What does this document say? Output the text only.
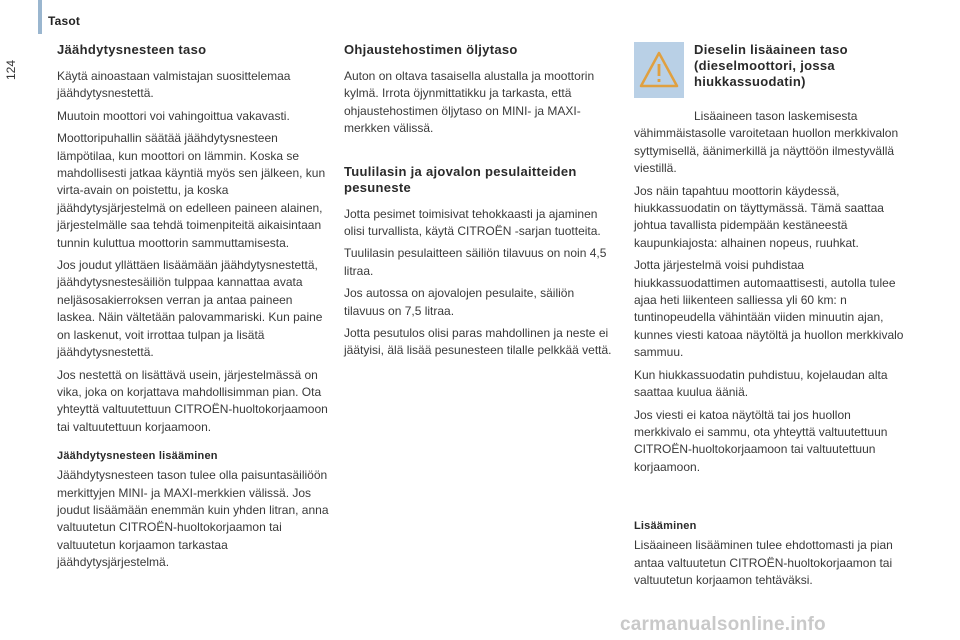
Tasot
124
Jäähdytysnesteen taso

Käytä ainoastaan valmistajan suosittelemaa jäähdytysnestettä.

Muutoin moottori voi vahingoittua vakavasti.

Moottoripuhallin säätää jäähdytysnesteen lämpötilaa, kun moottori on lämmin. Koska se mahdollisesti jatkaa käyntiä myös sen jälkeen, kun virta-avain on poistettu, ja koska jäähdytysjärjestelmä on edelleen paineen alainen, järjestelmälle saa tehdä toimenpiteitä aikaisintaan tunnin kuluttua moottorin sammuttamisesta.

Jos joudut yllättäen lisäämään jäähdytysnestettä, jäähdytysnestesäiliön tulppaa kannattaa avata neljäsosakierroksen verran ja antaa paineen laskea. Näin vältetään palovammariski. Kun paine on laskenut, voit irrottaa tulpan ja lisätä jäähdytysnestettä.

Jos nestettä on lisättävä usein, järjestelmässä on vika, joka on korjattava mahdollisimman pian. Ota yhteyttä valtuutettuun CITROËN-huoltokorjaamoon tai valtuutettuun korjaamoon.

Jäähdytysnesteen lisääminen

Jäähdytysnesteen tason tulee olla paisuntasäiliöön merkittyjen MINI- ja MAXI-merkkien välissä. Jos joudut lisäämään enemmän kuin yhden litran, anna valtuutetun CITROËN-huoltokorjaamon tai valtuutetun korjaamon tarkastaa jäähdytysjärjestelmä.

Ohjaustehostimen öljytaso

Auton on oltava tasaisella alustalla ja moottorin kylmä. Irrota öjynmittatikku ja tarkasta, että ohjaustehostimen öljytaso on MINI- ja MAXI-merkken välissä.

Tuulilasin ja ajovalon pesulaitteiden pesuneste

Jotta pesimet toimisivat tehokkaasti ja ajaminen olisi turvallista, käytä CITROËN -sarjan tuotteita.

Tuulilasin pesulaitteen säiliön tilavuus on noin 4,5 litraa.

Jos autossa on ajovalojen pesulaite, säiliön tilavuus on 7,5 litraa.

Jotta pesutulos olisi paras mahdollinen ja neste ei jäätyisi, älä lisää pesunesteen tilalle pelkkää vettä.

Dieselin lisäaineen taso (dieselmoottori, jossa hiukkassuodatin)

Lisäaineen tason laskemisesta vähimmäistasolle varoitetaan huollon merkkivalon syttymisellä, äänimerkillä ja näyttöön ilmestyvällä viestillä.

Jos näin tapahtuu moottorin käydessä, hiukkassuodatin on täyttymässä. Tämä saattaa johtua tavallista pidempään kestäneestä kaupunkiajosta: alhainen nopeus, ruuhkat.

Jotta järjestelmä voisi puhdistaa hiukkassuodattimen automaattisesti, autolla tulee ajaa heti liikenteen salliessa yli 60 km: n tuntinopeudella vähintään viiden minuutin ajan, kunnes viesti katoaa näytöltä ja huollon merkkivalo sammuu.

Kun hiukkassuodatin puhdistuu, kojelaudan alta saattaa kuulua ääniä.

Jos viesti ei katoa näytöltä tai jos huollon merkkivalo ei sammu, ota yhteyttä valtuutettuun CITROËN-huoltokorjaamoon tai valtuutettuun korjaamoon.

Lisääminen

Lisäaineen lisääminen tulee ehdottomasti ja pian antaa valtuutetun CITROËN-huoltokorjaamon tai valtuutetun korjaamon tehtäväksi.

carmanualsonline.info
